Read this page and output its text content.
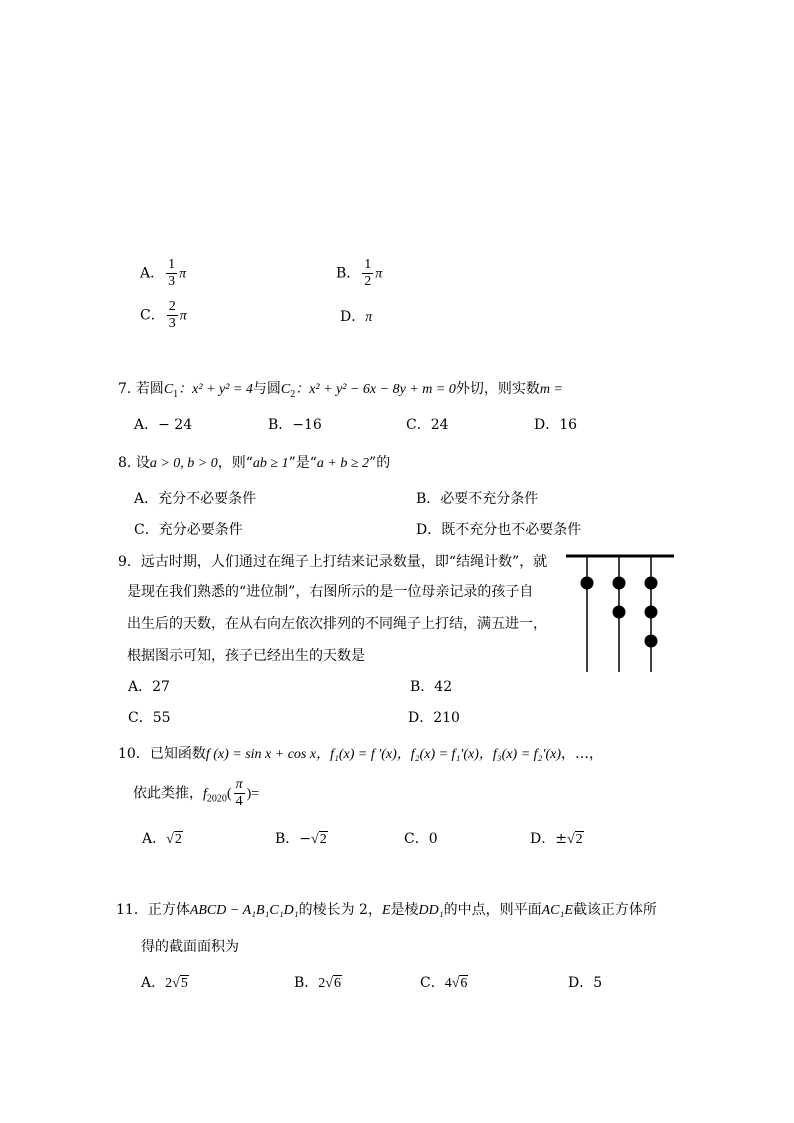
A． $\frac{1}{3}$ π	B． $\frac{1}{2}$ π
C． $\frac{2}{3}$ π	D．π
7. 若圆$C_1$：x² + y² = 4与圆$C_2$：x² + y² − 6x − 8y + m = 0外切，则实数m =
A．− 24	B．−16	C．24	D．16
8. 设a > 0, b > 0，则“ab ≥ 1”是“a + b ≥ 2”的
A．充分不必要条件	B．必要不充分条件
C．充分必要条件	D．既不充分也不必要条件
9．远古时期，人们通过在绳子上打结来记录数量，即“结绳计数”，就
是现在我们熟悉的“进位制”，右图所示的是一位母亲记录的孩子自
出生后的天数，在从右向左依次排列的不同绳子上打结，满五进一，
根据图示可知，孩子已经出生的天数是
A．27	B．42
C．55	D．210
10．已知函数f (x) = sin x + cos x，f₁(x) = f ′(x)，f₂(x) = f₁′(x)，f₃(x) = f₂′(x)，…，
依此类推，$f_{2020}( \frac{\pi}{4}$ )=
A．√2	B．−√2	C．0	D．±√2
11．正方体ABCD − A₁B₁C₁D₁的棱长为 2，E是棱DD₁的中点，则平面AC₁E截该正方体所
得的截面面积为
A．2√5	B．2√6	C．4√6	D．5
